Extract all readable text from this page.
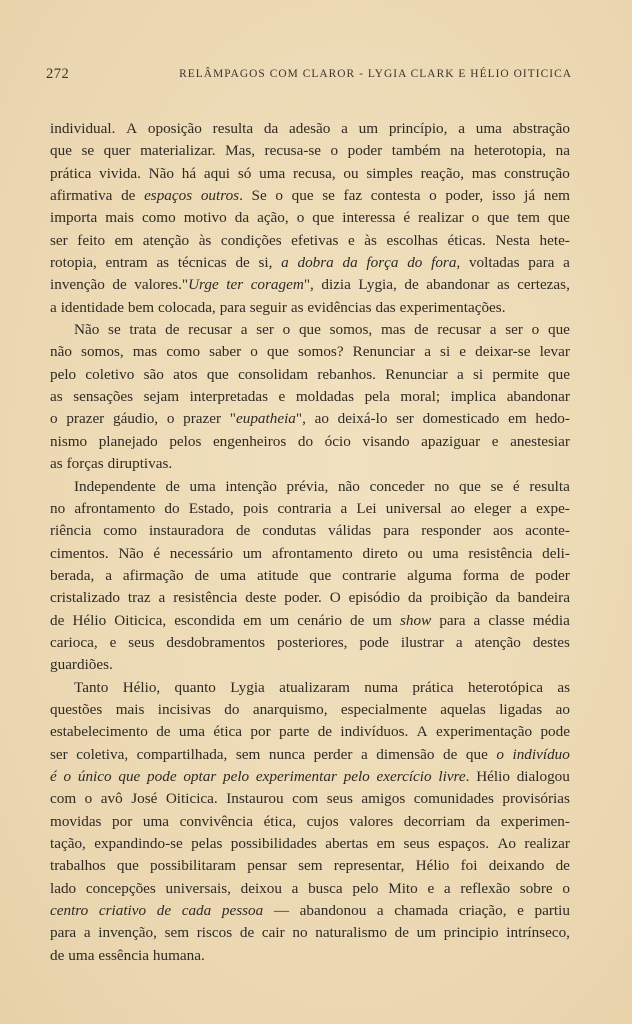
272	RELÂMPAGOS COM CLAROR - LYGIA CLARK E HÉLIO OITICICA
individual. A oposição resulta da adesão a um princípio, a uma abstração
que se quer materializar. Mas, recusa-se o poder também na heterotopia, na
prática vivida. Não há aqui só uma recusa, ou simples reação, mas construção
afirmativa de espaços outros. Se o que se faz contesta o poder, isso já nem
importa mais como motivo da ação, o que interessa é realizar o que tem que
ser feito em atenção às condições efetivas e às escolhas éticas. Nesta hete-
rotopia, entram as técnicas de si, a dobra da força do fora, voltadas para a
invenção de valores."Urge ter coragem", dizia Lygia, de abandonar as certezas,
a identidade bem colocada, para seguir as evidências das experimentações.
Não se trata de recusar a ser o que somos, mas de recusar a ser o que
não somos, mas como saber o que somos? Renunciar a si e deixar-se levar
pelo coletivo são atos que consolidam rebanhos. Renunciar a si permite que
as sensações sejam interpretadas e moldadas pela moral; implica abandonar
o prazer gáudio, o prazer "eupatheia", ao deixá-lo ser domesticado em hedo-
nismo planejado pelos engenheiros do ócio visando apaziguar e anestesiar
as forças diruptivas.
Independente de uma intenção prévia, não conceder no que se é resulta
no afrontamento do Estado, pois contraria a Lei universal ao eleger a expe-
riência como instauradora de condutas válidas para responder aos aconte-
cimentos. Não é necessário um afrontamento direto ou uma resistência deli-
berada, a afirmação de uma atitude que contrarie alguma forma de poder
cristalizado traz a resistência deste poder. O episódio da proibição da bandeira
de Hélio Oiticica, escondida em um cenário de um show para a classe média
carioca, e seus desdobramentos posteriores, pode ilustrar a atenção destes
guardiões.
Tanto Hélio, quanto Lygia atualizaram numa prática heterotópica as
questões mais incisivas do anarquismo, especialmente aquelas ligadas ao
estabelecimento de uma ética por parte de indivíduos. A experimentação pode
ser coletiva, compartilhada, sem nunca perder a dimensão de que o indivíduo
é o único que pode optar pelo experimentar pelo exercício livre. Hélio dialogou
com o avô José Oiticica. Instaurou com seus amigos comunidades provisórias
movidas por uma convivência ética, cujos valores decorriam da experimen-
tação, expandindo-se pelas possibilidades abertas em seus espaços. Ao realizar
trabalhos que possibilitaram pensar sem representar, Hélio foi deixando de
lado concepções universais, deixou a busca pelo Mito e a reflexão sobre o
centro criativo de cada pessoa — abandonou a chamada criação, e partiu
para a invenção, sem riscos de cair no naturalismo de um principio intrínseco,
de uma essência humana.
